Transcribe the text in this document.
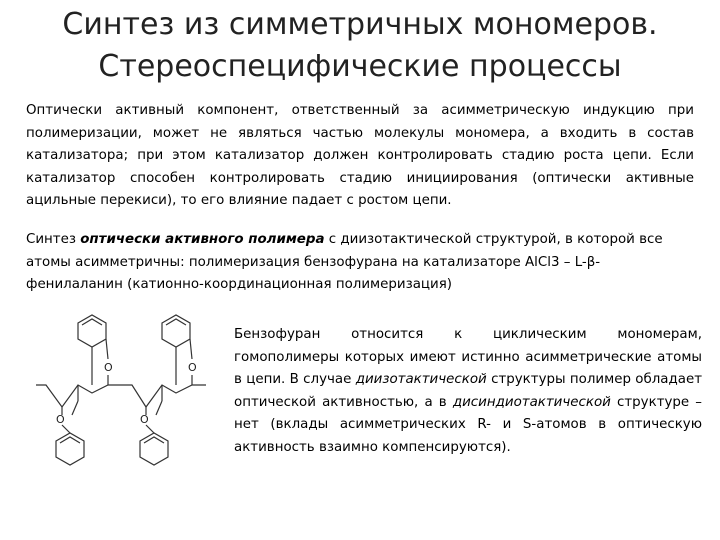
Синтез из симметричных мономеров.
Стереоспецифические процессы
Оптически активный компонент, ответственный за асимметрическую индукцию при полимеризации, может не являться частью молекулы мономера, а входить в состав катализатора; при этом катализатор должен контролировать стадию роста цепи. Если катализатор способен контролировать стадию инициирования (оптически активные ацильные перекиси), то его влияние падает с ростом цепи.
Синтез оптически активного полимера с диизотактической структурой, в которой все атомы асимметричны: полимеризация бензофурана на катализаторе AlCl3 – L-β-фенилаланин (катионно-координационная полимеризация)
Бензофуран относится к циклическим мономерам, гомополимеры которых имеют истинно асимметрические атомы в цепи. В случае диизотактической структуры полимер обладает оптической активностью, а в дисиндиотактической структуре – нет (вклады асимметрических R- и S-атомов в оптическую активность взаимно компенсируются).
O	O
O	O
